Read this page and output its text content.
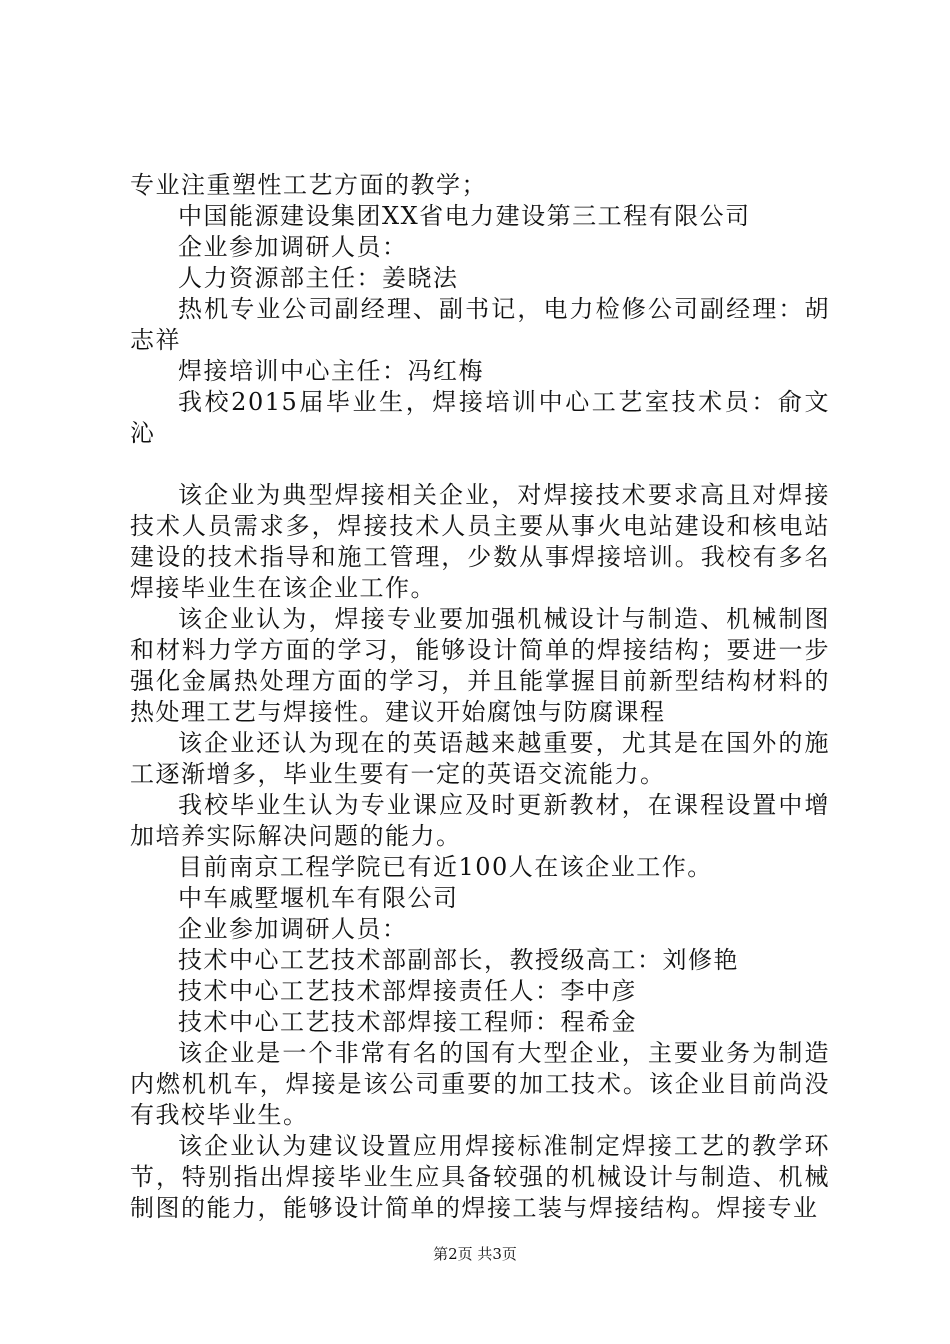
专业注重塑性工艺方面的教学；

中国能源建设集团XX省电力建设第三工程有限公司

企业参加调研人员：

人力资源部主任：姜晓法

热机专业公司副经理、副书记，电力检修公司副经理：胡志祥

焊接培训中心主任：冯红梅

我校2015届毕业生，焊接培训中心工艺室技术员：俞文沁

该企业为典型焊接相关企业，对焊接技术要求高且对焊接技术人员需求多，焊接技术人员主要从事火电站建设和核电站建设的技术指导和施工管理，少数从事焊接培训。我校有多名焊接毕业生在该企业工作。

该企业认为，焊接专业要加强机械设计与制造、机械制图和材料力学方面的学习，能够设计简单的焊接结构；要进一步强化金属热处理方面的学习，并且能掌握目前新型结构材料的热处理工艺与焊接性。建议开始腐蚀与防腐课程

该企业还认为现在的英语越来越重要，尤其是在国外的施工逐渐增多，毕业生要有一定的英语交流能力。

我校毕业生认为专业课应及时更新教材，在课程设置中增加培养实际解决问题的能力。

目前南京工程学院已有近100人在该企业工作。

中车戚墅堰机车有限公司

企业参加调研人员：

技术中心工艺技术部副部长，教授级高工：刘修艳

技术中心工艺技术部焊接责任人：李中彦

技术中心工艺技术部焊接工程师：程希金

该企业是一个非常有名的国有大型企业，主要业务为制造内燃机机车，焊接是该公司重要的加工技术。该企业目前尚没有我校毕业生。

该企业认为建议设置应用焊接标准制定焊接工艺的教学环节，特别指出焊接毕业生应具备较强的机械设计与制造、机械制图的能力，能够设计简单的焊接工装与焊接结构。焊接专业

第2页 共3页
